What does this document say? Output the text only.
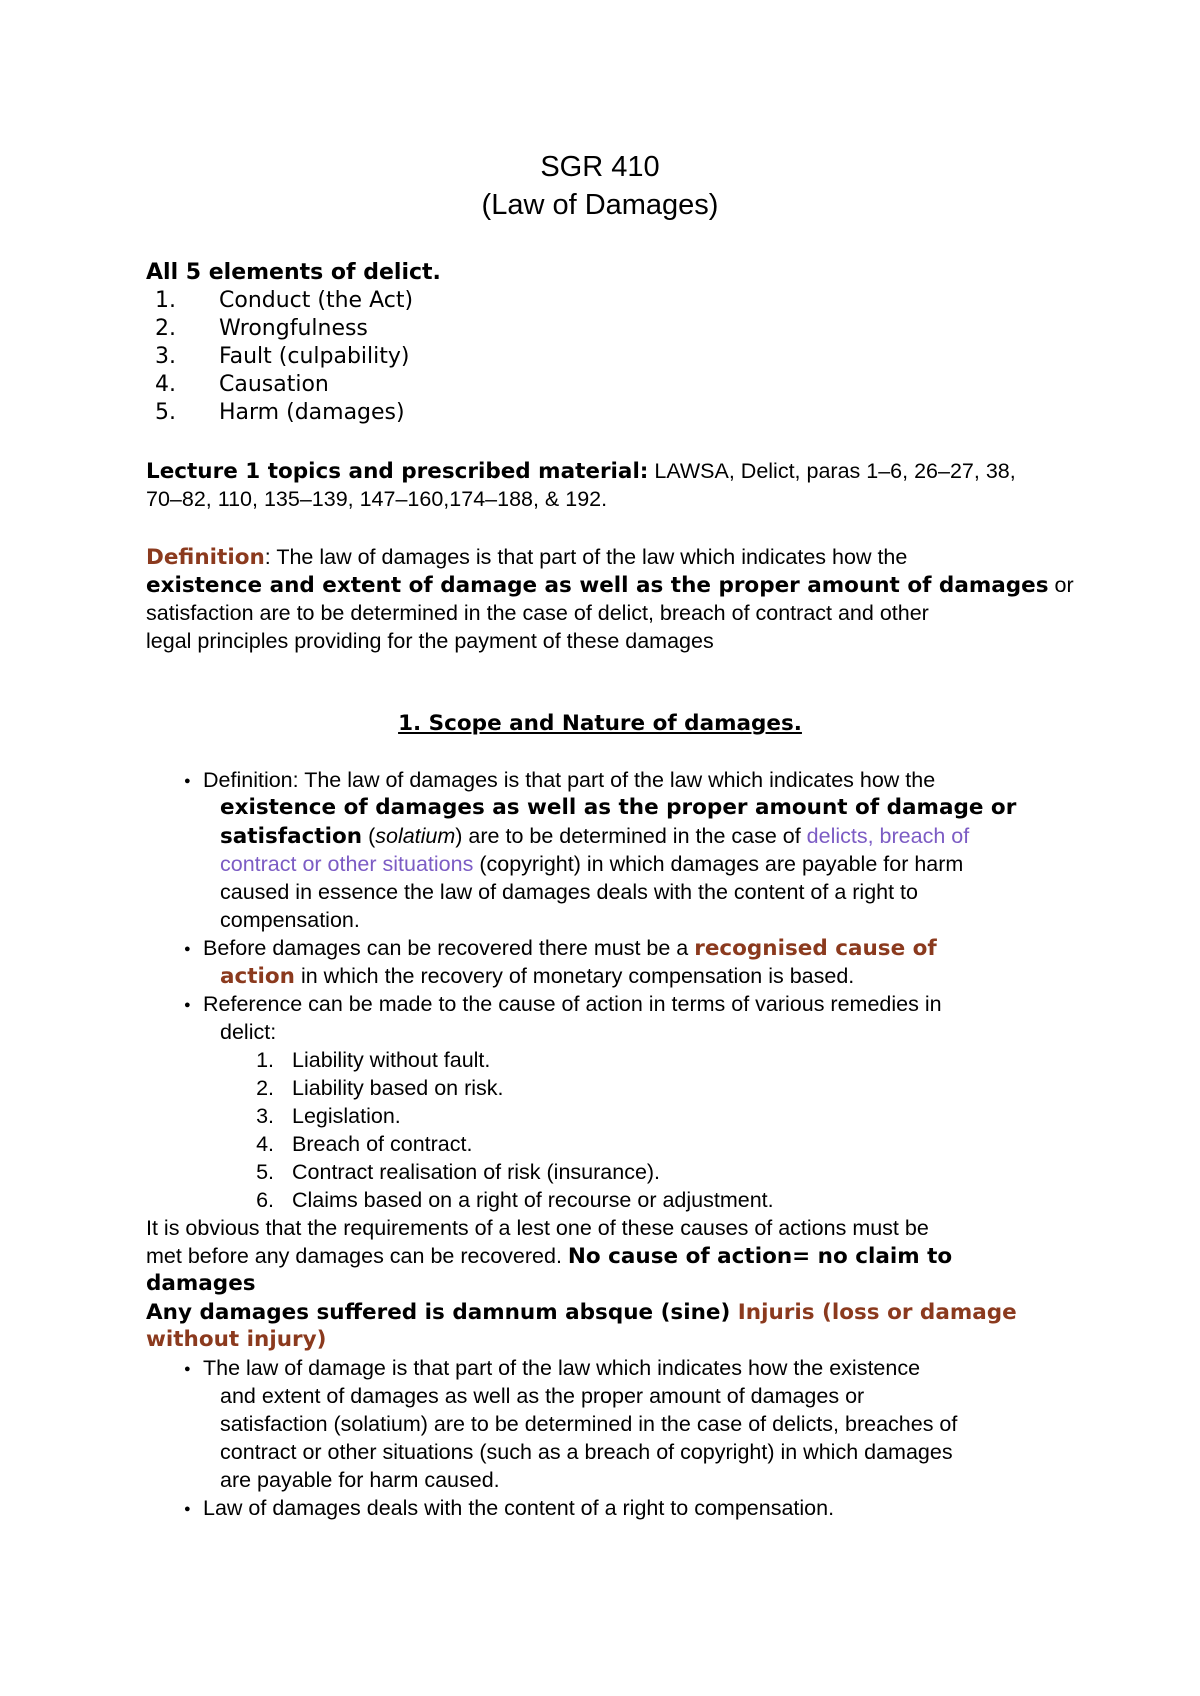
SGR 410
(Law of Damages)
All 5 elements of delict.
1. Conduct (the Act)
2. Wrongfulness
3. Fault (culpability)
4. Causation
5. Harm (damages)
Lecture 1 topics and prescribed material: LAWSA, Delict, paras 1–6, 26–27, 38,
70–82, 110, 135–139, 147–160,174–188, & 192.
Definition: The law of damages is that part of the law which indicates how the
existence and extent of damage as well as the proper amount of damages or
satisfaction are to be determined in the case of delict, breach of contract and other
legal principles providing for the payment of these damages
1. Scope and Nature of damages.
● Definition: The law of damages is that part of the law which indicates how the
existence of damages as well as the proper amount of damage or
satisfaction (solatium) are to be determined in the case of delicts, breach of
contract or other situations (copyright) in which damages are payable for harm
caused in essence the law of damages deals with the content of a right to
compensation.
● Before damages can be recovered there must be a recognised cause of
action in which the recovery of monetary compensation is based.
● Reference can be made to the cause of action in terms of various remedies in
delict:
1. Liability without fault.
2. Liability based on risk.
3. Legislation.
4. Breach of contract.
5. Contract realisation of risk (insurance).
6. Claims based on a right of recourse or adjustment.
It is obvious that the requirements of a lest one of these causes of actions must be
met before any damages can be recovered. No cause of action= no claim to
damages
Any damages suffered is damnum absque (sine) Injuris (loss or damage
without injury)
● The law of damage is that part of the law which indicates how the existence
and extent of damages as well as the proper amount of damages or
satisfaction (solatium) are to be determined in the case of delicts, breaches of
contract or other situations (such as a breach of copyright) in which damages
are payable for harm caused.
● Law of damages deals with the content of a right to compensation.
